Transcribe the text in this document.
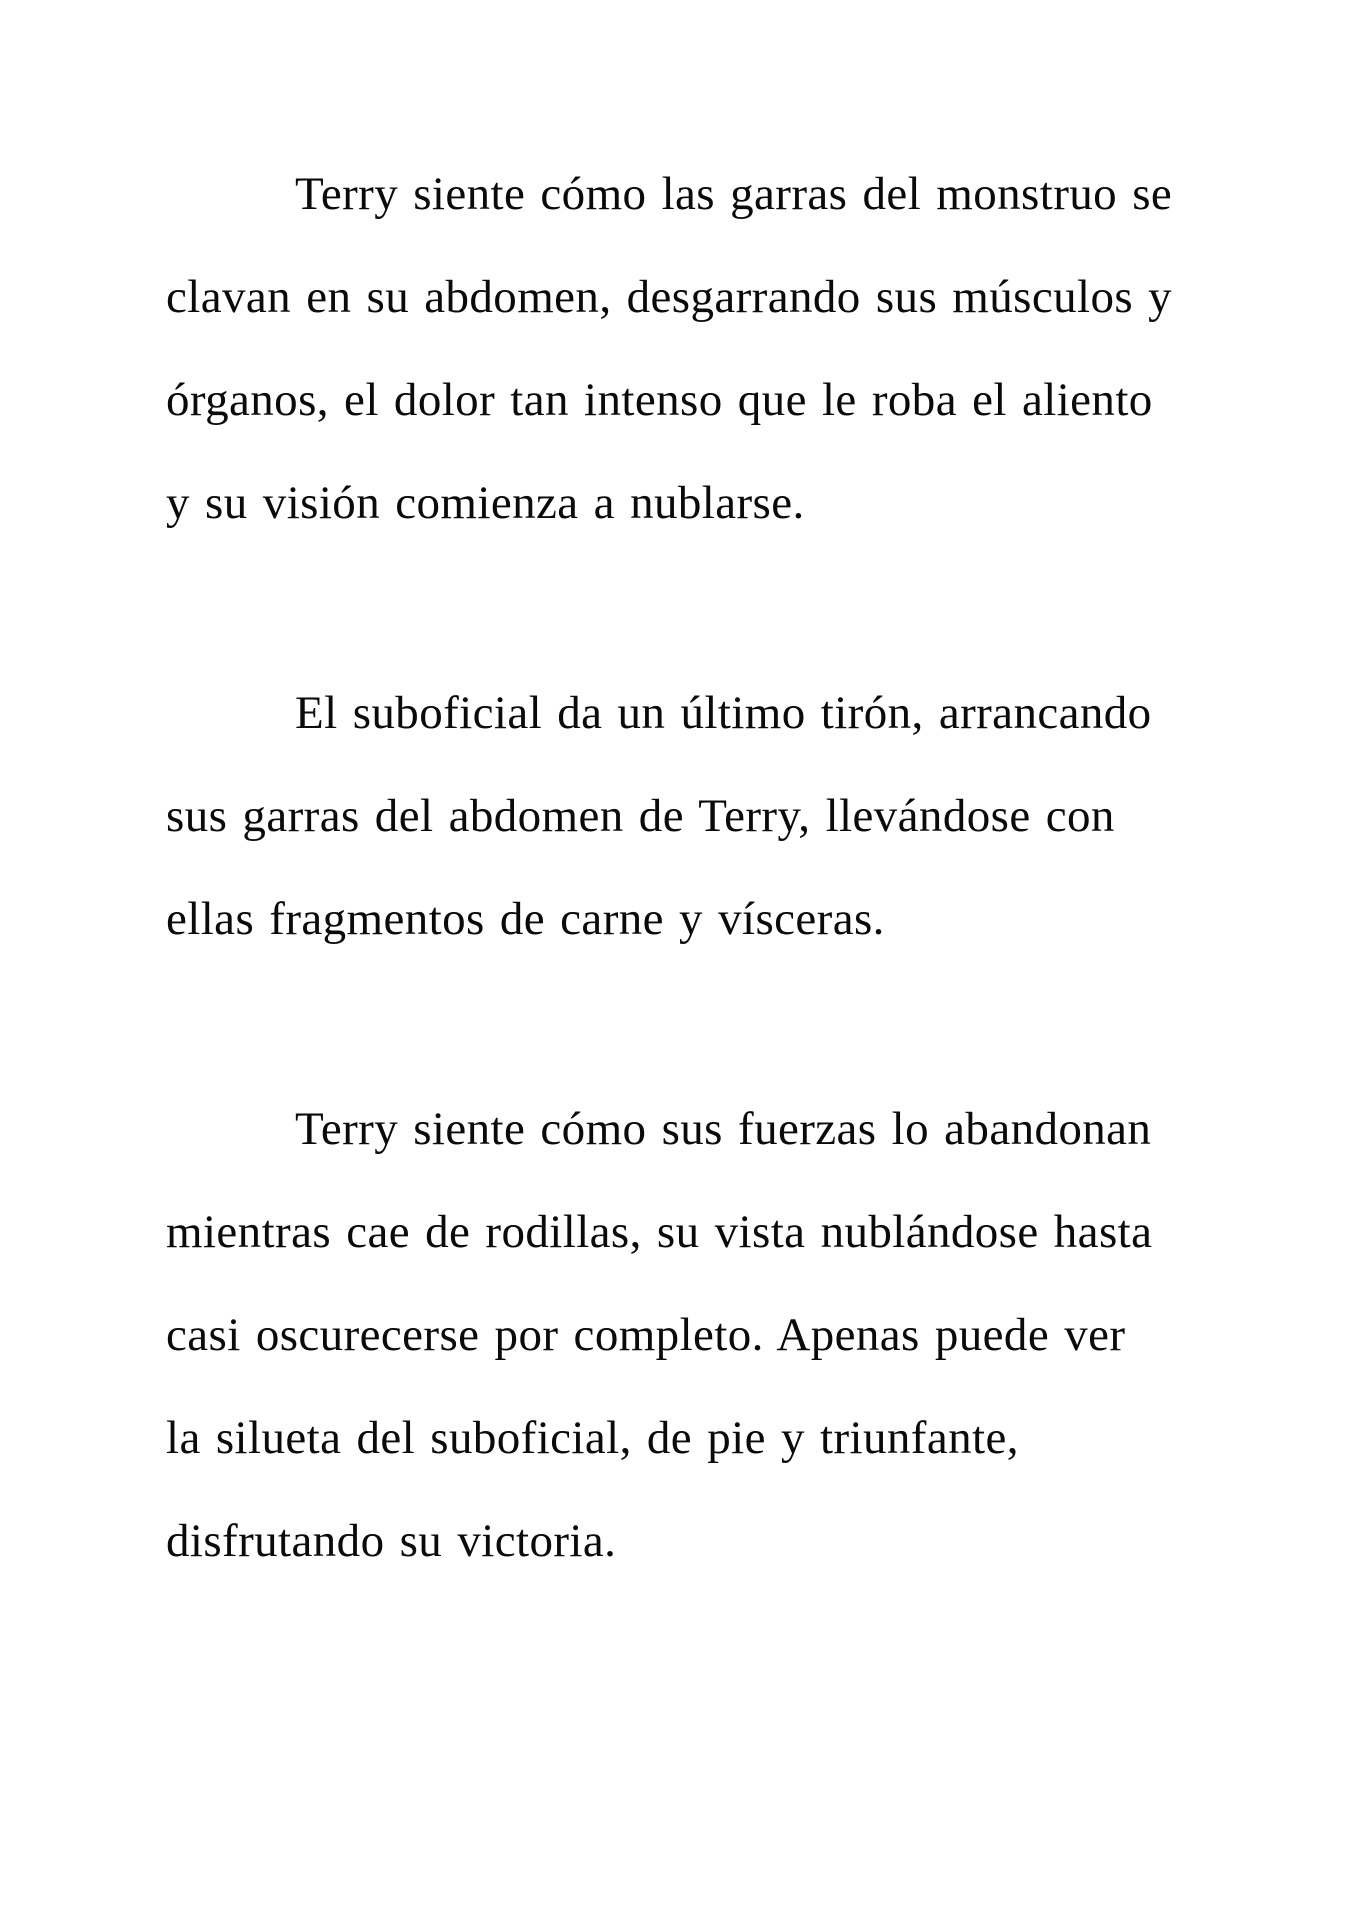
Terry siente cómo las garras del monstruo se
clavan en su abdomen, desgarrando sus músculos y
órganos, el dolor tan intenso que le roba el aliento
y su visión comienza a nublarse.
El suboficial da un último tirón, arrancando
sus garras del abdomen de Terry, llevándose con
ellas fragmentos de carne y vísceras.
Terry siente cómo sus fuerzas lo abandonan
mientras cae de rodillas, su vista nublándose hasta
casi oscurecerse por completo. Apenas puede ver
la silueta del suboficial, de pie y triunfante,
disfrutando su victoria.
